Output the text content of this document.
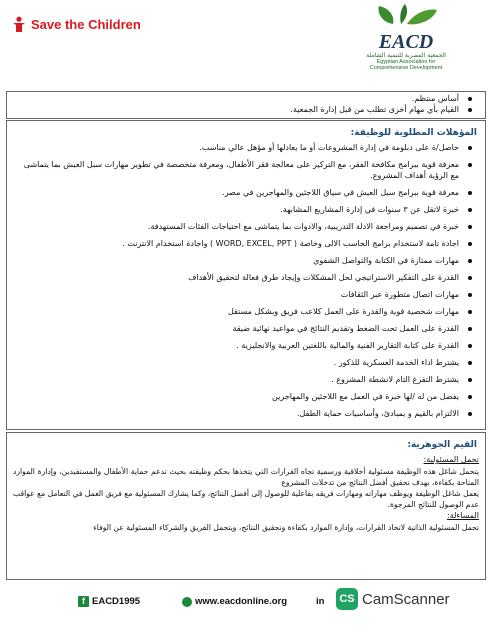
Save the Children
EACD
الجمعية المصرية للتنمية الشاملة
Egyptian Association for
Comprehensive Development
أساس منتظم.
القيام بأي مهام أخرى تطلب من قبل إدارة الجمعية.
المؤهلات المطلوبة للوظيفة:
حاصل/ة على دبلومة في إدارة المشروعات أو ما يعادلها أو مؤهل عالي مناسب.
معرفة قوية ببرامج مكافحة الفقر، مع التركيز على معالجة فقر الأطفال، ومعرفة متخصصة في تطوير مهارات سبل العيش بما يتماشى مع الرؤية أهداف المشروع.
معرفة قوية ببرامج سبل العيش في سياق اللاجئين والمهاجرين في مصر.
خبرة لاتقل عن ٣ سنوات في إدارة المشاريع المشابهة.
خبرة في تصميم ومراجعة الادلة التدريبية، والادوات بما يتماشى مع احتياجات الفئات المستهدفة.
اجادة تامة لاستخدام برامج الحاسب الالى وخاصة ( WORD, EXCEL, PPT ) واجادة استخدام الانترنت .
مهارات ممتازة في الكتابة والتواصل الشفوي
القدرة على التفكير الاستراتيجي لحل المشكلات وإيجاد طرق فعالة لتحقيق الأهداف
مهارات اتصال متطورة عبر الثقافات
مهارات شخصية قوية والقدرة على العمل كلاعب فريق وبشكل مستقل
القدرة على العمل تحت الضغط وتقديم النتائج في مواعيد نهائية ضيقة
القدرة على كتابة التقارير الفنية والمالية باللغتين العربية والانجليزية .
يشترط اداء الخدمة العسكرية للذكور .
يشترط التفرغ التام لانشطة المشروع .
يفضل من له /لها خبرة في العمل مع اللاجئين والمهاجرين
الالتزام بالقيم و بمبادئ، وأساسيات حماية الطفل.
القيم الجوهرية:
تحمل المسئولية:

يتحمل شاغل هذه الوظيفة مسئولية أخلاقية ورسمية تجاه القرارات التي يتخذها بحكم وظيفته بحيث تدعم حماية الأطفال والمستفيدين، وإدارة الموارد المتاحة بكفاءة، بهدف تحقيق أفضل النتائج من تدخلات المشروع

يعمل شاغل الوظيفة ويوظف مهاراته ومهارات فريقه بفاعلية للوصول إلى أفضل النتائج، وكما يشارك المسئولية مع فريق العمل في التعامل مع عواقب عدم الوصول للنتائج المرجوة.

المساءلة:

تحمل المسئولية الذاتية لاتخاذ القرارات، وإدارة الموارد بكفاءة وتحقيق النتائج، ويتحمل الفريق والشركاء المسئولية عن الوفاء

f EACD1995	www.eacdonline.org	in	CS CamScanner
